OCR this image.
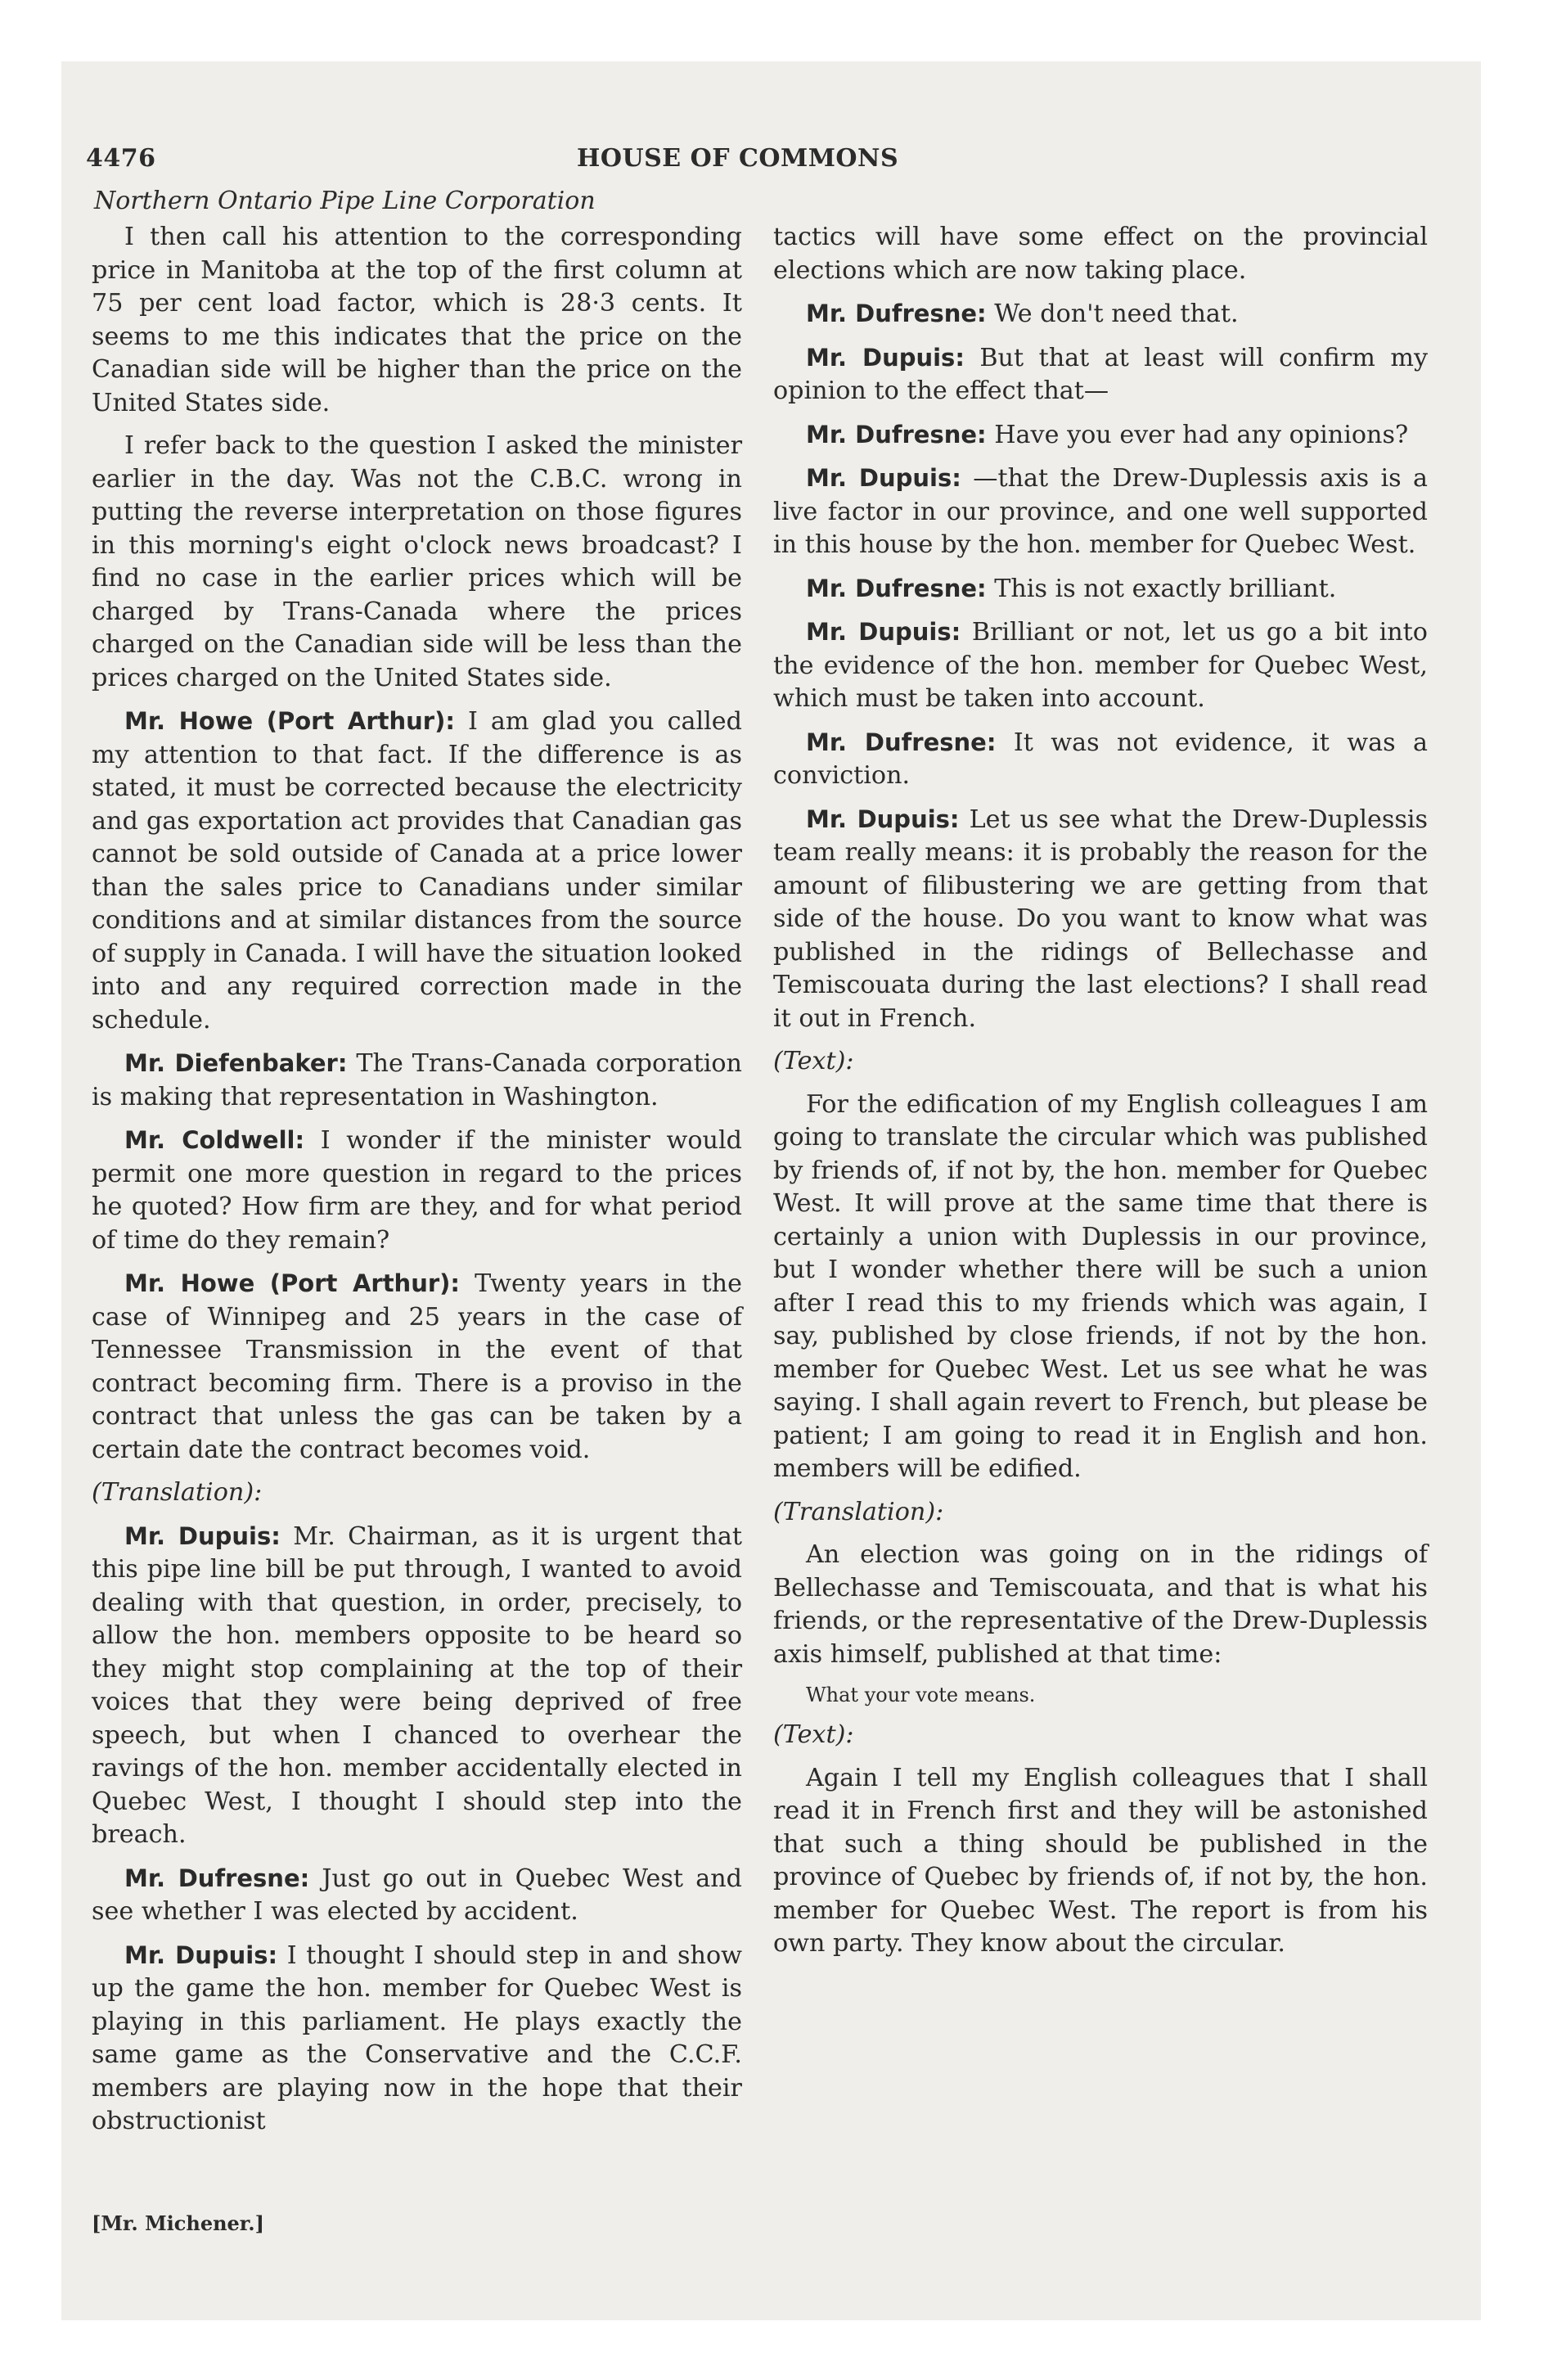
4476	HOUSE OF COMMONS
Northern Ontario Pipe Line Corporation

I then call his attention to the corresponding price in Manitoba at the top of the first column at 75 per cent load factor, which is 28·3 cents. It seems to me this indicates that the price on the Canadian side will be higher than the price on the United States side.

I refer back to the question I asked the minister earlier in the day. Was not the C.B.C. wrong in putting the reverse interpretation on those figures in this morning's eight o'clock news broadcast? I find no case in the earlier prices which will be charged by Trans-Canada where the prices charged on the Canadian side will be less than the prices charged on the United States side.

Mr. Howe (Port Arthur): I am glad you called my attention to that fact. If the difference is as stated, it must be corrected because the electricity and gas exportation act provides that Canadian gas cannot be sold outside of Canada at a price lower than the sales price to Canadians under similar conditions and at similar distances from the source of supply in Canada. I will have the situation looked into and any required correction made in the schedule.

Mr. Diefenbaker: The Trans-Canada corporation is making that representation in Washington.

Mr. Coldwell: I wonder if the minister would permit one more question in regard to the prices he quoted? How firm are they, and for what period of time do they remain?

Mr. Howe (Port Arthur): Twenty years in the case of Winnipeg and 25 years in the case of Tennessee Transmission in the event of that contract becoming firm. There is a proviso in the contract that unless the gas can be taken by a certain date the contract becomes void.

(Translation):

Mr. Dupuis: Mr. Chairman, as it is urgent that this pipe line bill be put through, I wanted to avoid dealing with that question, in order, precisely, to allow the hon. members opposite to be heard so they might stop complaining at the top of their voices that they were being deprived of free speech, but when I chanced to overhear the ravings of the hon. member accidentally elected in Quebec West, I thought I should step into the breach.

Mr. Dufresne: Just go out in Quebec West and see whether I was elected by accident.

Mr. Dupuis: I thought I should step in and show up the game the hon. member for Quebec West is playing in this parliament. He plays exactly the same game as the Conservative and the C.C.F. members are playing now in the hope that their obstructionist

tactics will have some effect on the provincial elections which are now taking place.

Mr. Dufresne: We don't need that.

Mr. Dupuis: But that at least will confirm my opinion to the effect that—

Mr. Dufresne: Have you ever had any opinions?

Mr. Dupuis: —that the Drew-Duplessis axis is a live factor in our province, and one well supported in this house by the hon. member for Quebec West.

Mr. Dufresne: This is not exactly brilliant.

Mr. Dupuis: Brilliant or not, let us go a bit into the evidence of the hon. member for Quebec West, which must be taken into account.

Mr. Dufresne: It was not evidence, it was a conviction.

Mr. Dupuis: Let us see what the Drew-Duplessis team really means: it is probably the reason for the amount of filibustering we are getting from that side of the house. Do you want to know what was published in the ridings of Bellechasse and Temiscouata during the last elections? I shall read it out in French.

(Text):

For the edification of my English colleagues I am going to translate the circular which was published by friends of, if not by, the hon. member for Quebec West. It will prove at the same time that there is certainly a union with Duplessis in our province, but I wonder whether there will be such a union after I read this to my friends which was again, I say, published by close friends, if not by the hon. member for Quebec West. Let us see what he was saying. I shall again revert to French, but please be patient; I am going to read it in English and hon. members will be edified.

(Translation):

An election was going on in the ridings of Bellechasse and Temiscouata, and that is what his friends, or the representative of the Drew-Duplessis axis himself, published at that time:

What your vote means.

(Text):

Again I tell my English colleagues that I shall read it in French first and they will be astonished that such a thing should be published in the province of Quebec by friends of, if not by, the hon. member for Quebec West. The report is from his own party. They know about the circular.

[Mr. Michener.]
